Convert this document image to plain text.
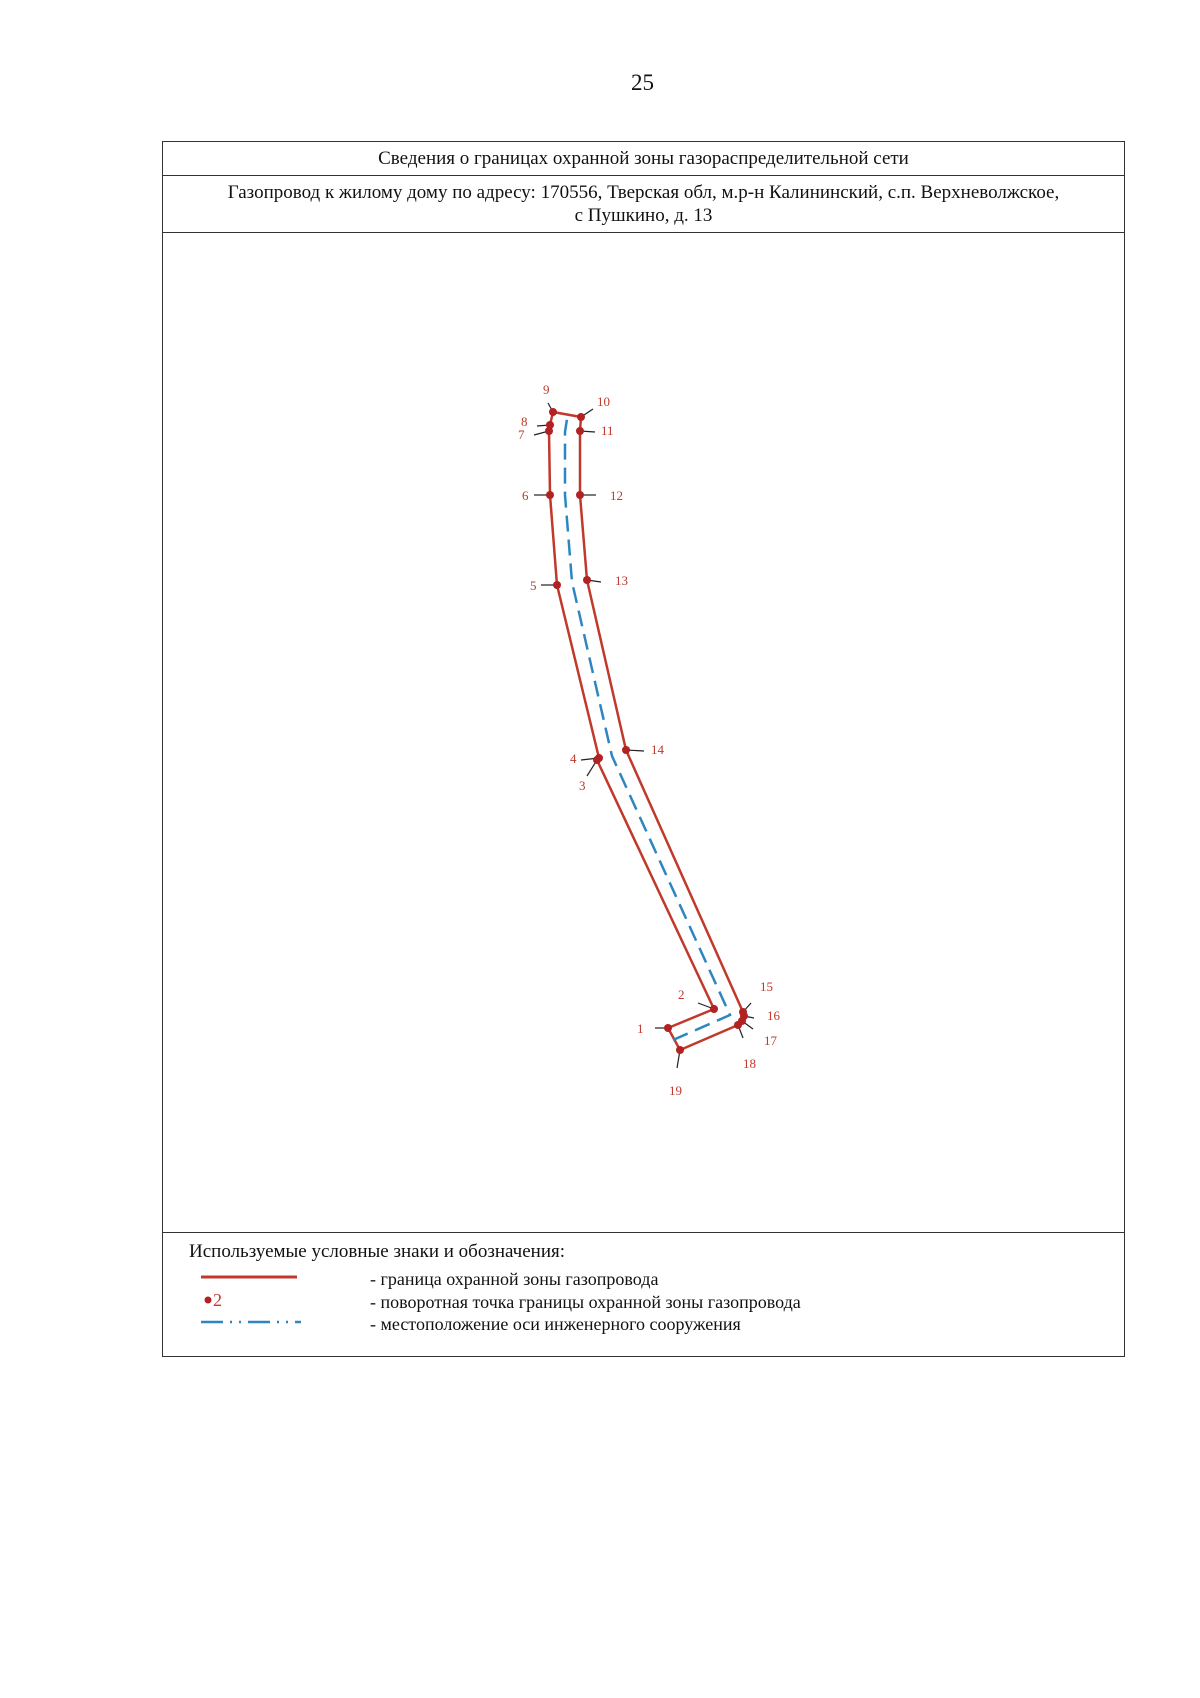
25
Сведения о границах охранной зоны газораспределительной сети
Газопровод к жилому дому по адресу: 170556, Тверская обл, м.р-н Калининский, с.п. Верхневолжское,
с Пушкино, д. 13
1
2
3
4
5
6
7
8
9
10
11
12
13
14
15
16
17
18
19
Используемые условные знаки и обозначения:
- граница охранной зоны газопровода
2	- поворотная точка границы охранной зоны газопровода
- местоположение оси инженерного сооружения
